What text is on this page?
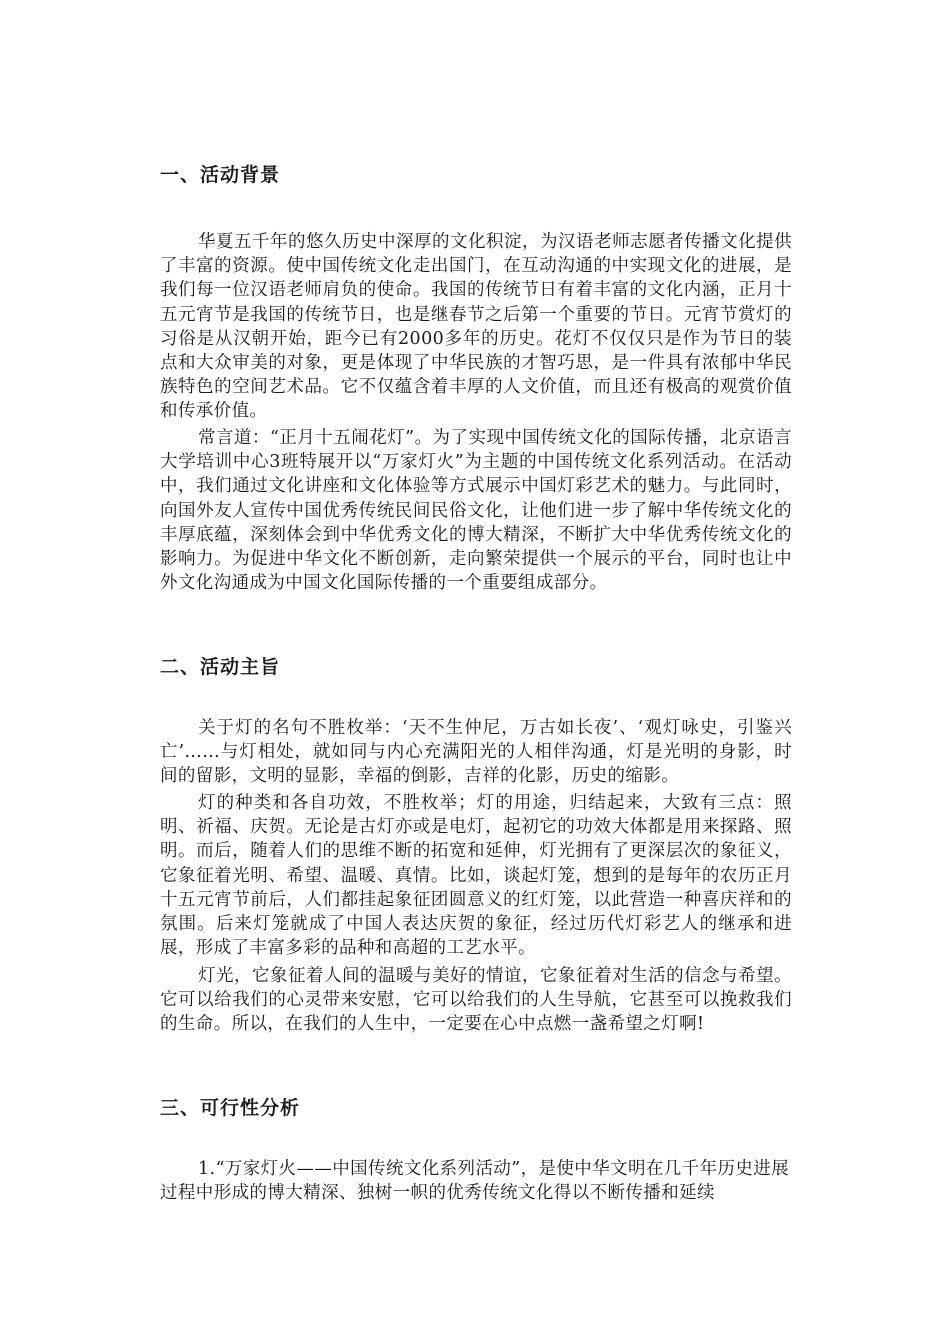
一、活动背景

华夏五千年的悠久历史中深厚的文化积淀，为汉语老师志愿者传播文化提供了丰富的资源。使中国传统文化走出国门，在互动沟通的中实现文化的进展，是我们每一位汉语老师肩负的使命。我国的传统节日有着丰富的文化内涵，正月十五元宵节是我国的传统节日，也是继春节之后第一个重要的节日。元宵节赏灯的习俗是从汉朝开始，距今已有2000多年的历史。花灯不仅仅只是作为节日的装点和大众审美的对象，更是体现了中华民族的才智巧思，是一件具有浓郁中华民族特色的空间艺术品。它不仅蕴含着丰厚的人文价值，而且还有极高的观赏价值和传承价值。

常言道：“正月十五闹花灯”。为了实现中国传统文化的国际传播，北京语言大学培训中心3班特展开以“万家灯火”为主题的中国传统文化系列活动。在活动中，我们通过文化讲座和文化体验等方式展示中国灯彩艺术的魅力。与此同时，向国外友人宣传中国优秀传统民间民俗文化，让他们进一步了解中华传统文化的丰厚底蕴，深刻体会到中华优秀文化的博大精深，不断扩大中华优秀传统文化的影响力。为促进中华文化不断创新，走向繁荣提供一个展示的平台，同时也让中外文化沟通成为中国文化国际传播的一个重要组成部分。

二、活动主旨

关于灯的名句不胜枚举：‘天不生仲尼，万古如长夜’、‘观灯咏史，引鉴兴亡’……与灯相处，就如同与内心充满阳光的人相伴沟通，灯是光明的身影，时间的留影，文明的显影，幸福的倒影，吉祥的化影，历史的缩影。

灯的种类和各自功效，不胜枚举；灯的用途，归结起来，大致有三点：照明、祈福、庆贺。无论是古灯亦或是电灯，起初它的功效大体都是用来探路、照明。而后，随着人们的思维不断的拓宽和延伸，灯光拥有了更深层次的象征义，它象征着光明、希望、温暖、真情。比如，谈起灯笼，想到的是每年的农历正月十五元宵节前后，人们都挂起象征团圆意义的红灯笼，以此营造一种喜庆祥和的氛围。后来灯笼就成了中国人表达庆贺的象征，经过历代灯彩艺人的继承和进展，形成了丰富多彩的品种和高超的工艺水平。

灯光，它象征着人间的温暖与美好的情谊，它象征着对生活的信念与希望。它可以给我们的心灵带来安慰，它可以给我们的人生导航，它甚至可以挽救我们的生命。所以，在我们的人生中，一定要在心中点燃一盏希望之灯啊!

三、可行性分析

1.“万家灯火——中国传统文化系列活动”，是使中华文明在几千年历史进展过程中形成的博大精深、独树一帜的优秀传统文化得以不断传播和延续
